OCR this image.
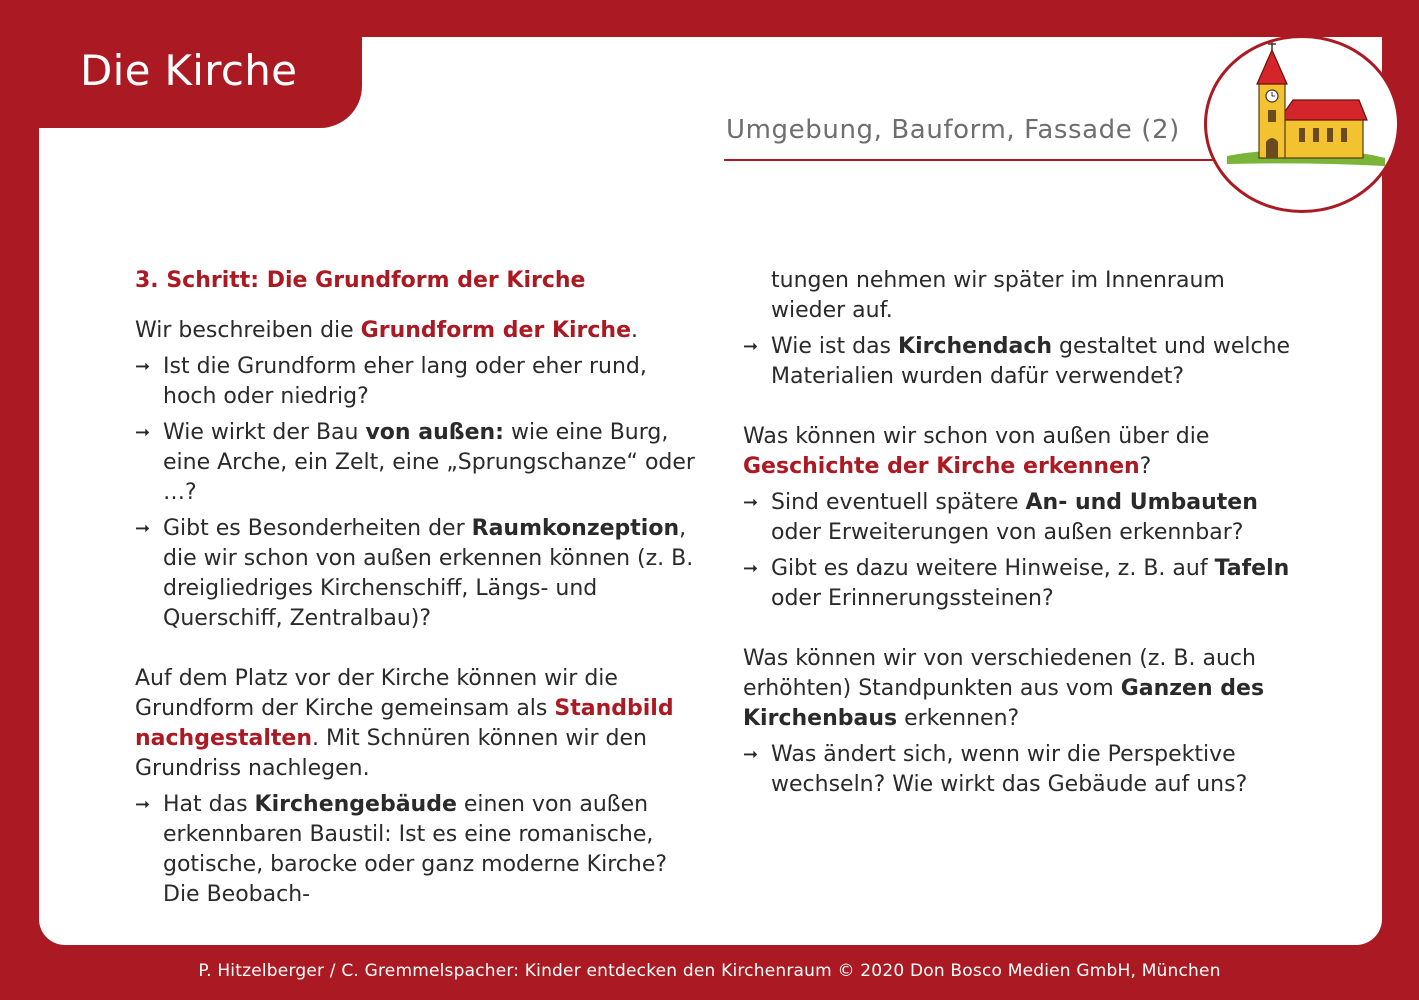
Die Kirche
Umgebung, Bauform, Fassade (2)

3. Schritt: Die Grundform der Kirche

Wir beschreiben die Grundform der Kirche.

➞ Ist die Grundform eher lang oder eher rund, hoch oder niedrig?

➞ Wie wirkt der Bau von außen: wie eine Burg, eine Arche, ein Zelt, eine „Sprungschanze“ oder …?

➞ Gibt es Besonderheiten der Raumkonzeption, die wir schon von außen erkennen können (z. B. dreigliedriges Kirchenschiff, Längs- und Querschiff, Zentralbau)?

Auf dem Platz vor der Kirche können wir die Grundform der Kirche gemeinsam als Standbild nachgestalten. Mit Schnüren können wir den Grundriss nachlegen.

➞ Hat das Kirchengebäude einen von außen erkennbaren Baustil: Ist es eine romanische, gotische, barocke oder ganz moderne Kirche? Die Beobach-

tungen nehmen wir später im Innenraum wieder auf.

➞ Wie ist das Kirchendach gestaltet und welche Materialien wurden dafür verwendet?

Was können wir schon von außen über die Geschichte der Kirche erkennen?

➞ Sind eventuell spätere An- und Umbauten oder Erweiterungen von außen erkennbar?

➞ Gibt es dazu weitere Hinweise, z. B. auf Tafeln oder Erinnerungssteinen?

Was können wir von verschiedenen (z. B. auch erhöhten) Standpunkten aus vom Ganzen des Kirchenbaus erkennen?

➞ Was ändert sich, wenn wir die Perspektive wechseln? Wie wirkt das Gebäude auf uns?

P. Hitzelberger / C. Gremmelspacher: Kinder entdecken den Kirchenraum © 2020 Don Bosco Medien GmbH, München
